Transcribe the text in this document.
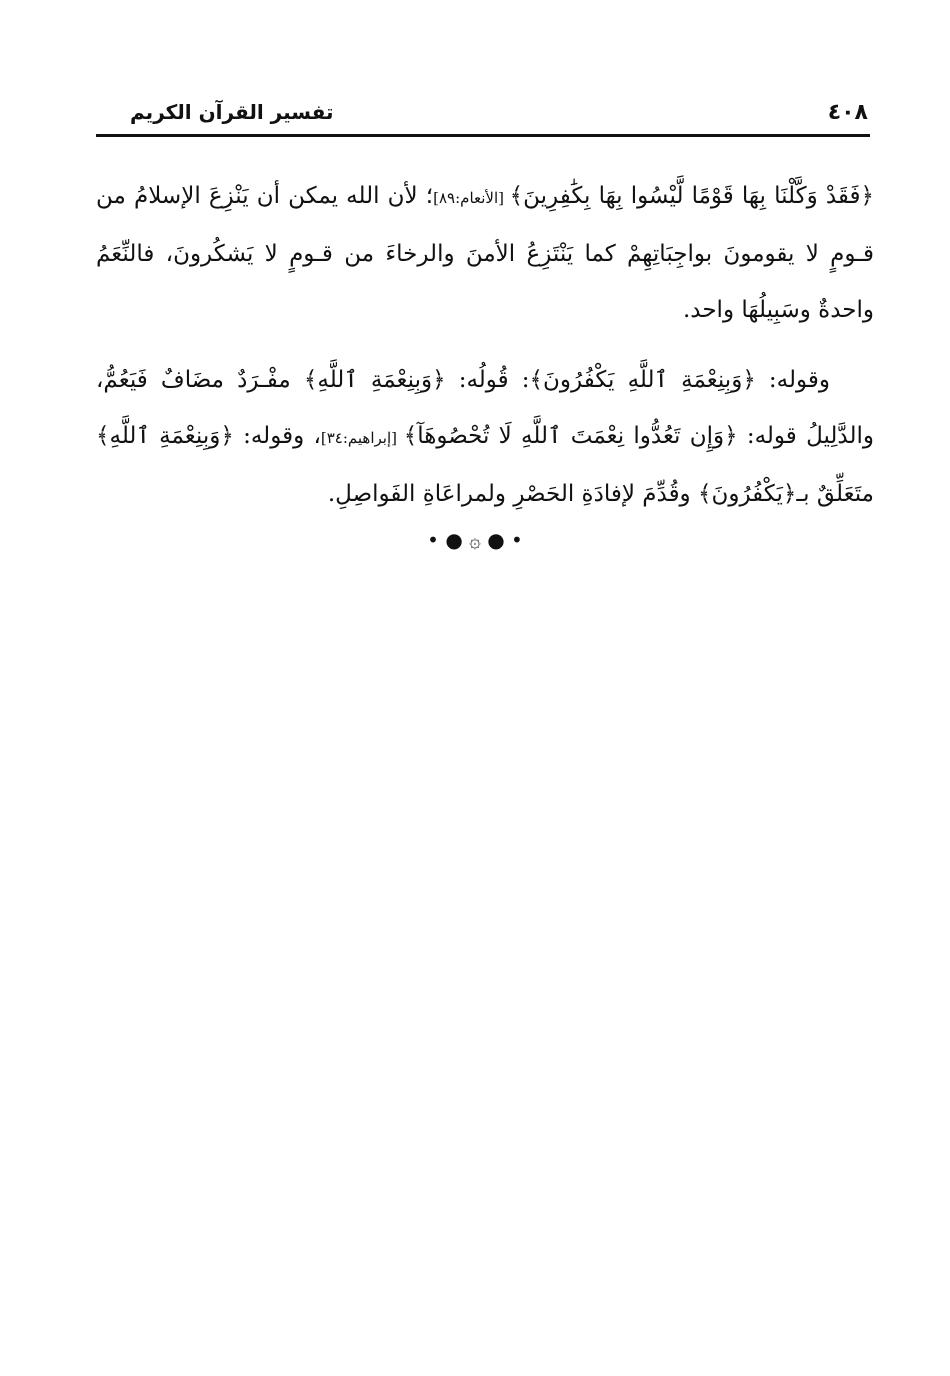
٤٠٨
تفسير القرآن الكريم

﴿فَقَدْ وَكَّلْنَا بِهَا قَوْمًا لَّيْسُوا بِهَا بِكَٰفِرِينَ﴾ [الأنعام:٨٩]؛ لأن الله يمكن أن يَنْزِعَ الإسلامُ من قـومٍ لا يقومونَ بواجِبَاتِهِمْ كما يَنْتَزِعُ الأمنَ والرخاءَ من قـومٍ لا يَشكُرونَ، فالنِّعَمُ واحدةٌ وسَبِيلُهَا واحد.

وقوله: ﴿وَبِنِعْمَةِ ٱللَّهِ يَكْفُرُونَ﴾: قُولُه: ﴿وَبِنِعْمَةِ ٱللَّهِ﴾ مفْـرَدٌ مضَافٌ فَيَعُمُّ، والدَّلِيلُ قوله: ﴿وَإِن تَعُدُّوا نِعْمَتَ ٱللَّهِ لَا تُحْصُوهَآ﴾ [إبراهيم:٣٤]، وقوله: ﴿وَبِنِعْمَةِ ٱللَّهِ﴾ متَعَلِّقٌ بـ﴿يَكْفُرُونَ﴾ وقُدِّمَ لإفادَةِ الحَصْرِ ولمراعَاةِ الفَواصِلِ.

• ● ۞ ● •
